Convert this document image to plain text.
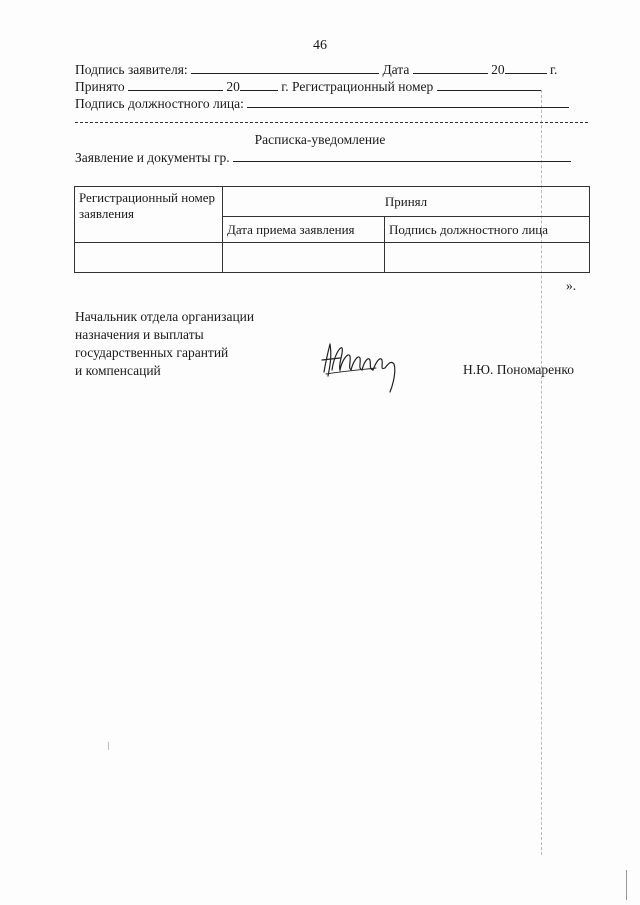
46
Подпись заявителя:	Дата	20	г.
Принято	20	г. Регистрационный номер
Подпись должностного лица:
Расписка-уведомление
Заявление и документы гр.
Регистрационный номер заявления	Принял	
	Дата приема заявления	Подпись должностного лица

».
Начальник отдела организации
назначения и выплаты
государственных гарантий
и компенсаций	Н.Ю. Пономаренко
